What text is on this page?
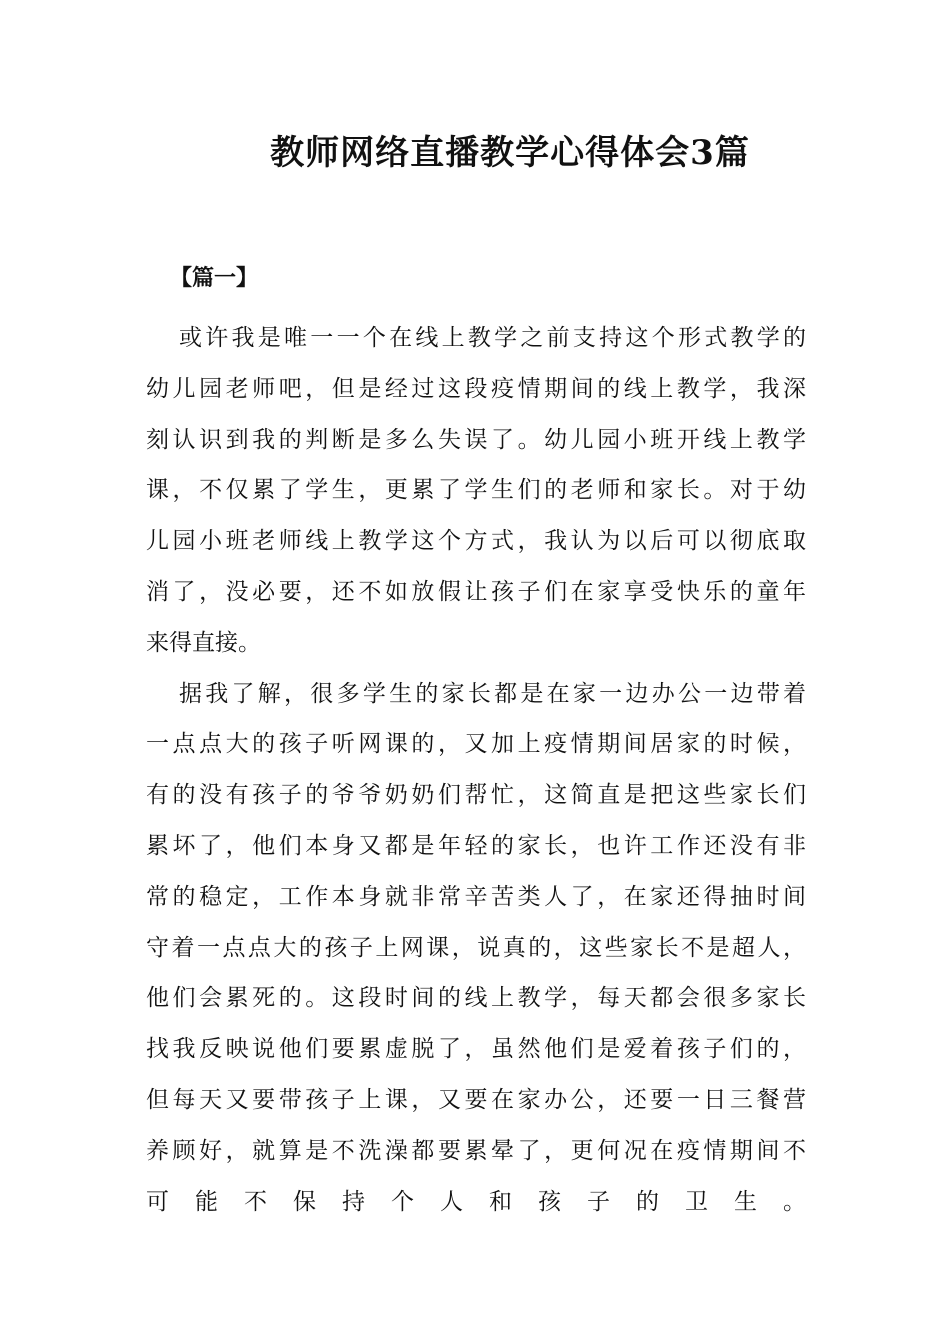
教师网络直播教学心得体会3篇
【篇一】
或许我是唯一一个在线上教学之前支持这个形式教学的
幼儿园老师吧，但是经过这段疫情期间的线上教学，我深
刻认识到我的判断是多么失误了。幼儿园小班开线上教学
课，不仅累了学生，更累了学生们的老师和家长。对于幼
儿园小班老师线上教学这个方式，我认为以后可以彻底取
消了，没必要，还不如放假让孩子们在家享受快乐的童年
来得直接。
据我了解，很多学生的家长都是在家一边办公一边带着
一点点大的孩子听网课的，又加上疫情期间居家的时候，
有的没有孩子的爷爷奶奶们帮忙，这简直是把这些家长们
累坏了，他们本身又都是年轻的家长，也许工作还没有非
常的稳定，工作本身就非常辛苦类人了，在家还得抽时间
守着一点点大的孩子上网课，说真的，这些家长不是超人，
他们会累死的。这段时间的线上教学，每天都会很多家长
找我反映说他们要累虚脱了，虽然他们是爱着孩子们的，
但每天又要带孩子上课，又要在家办公，还要一日三餐营
养顾好，就算是不洗澡都要累晕了，更何况在疫情期间不
可能不保持个人和孩子的卫生。
